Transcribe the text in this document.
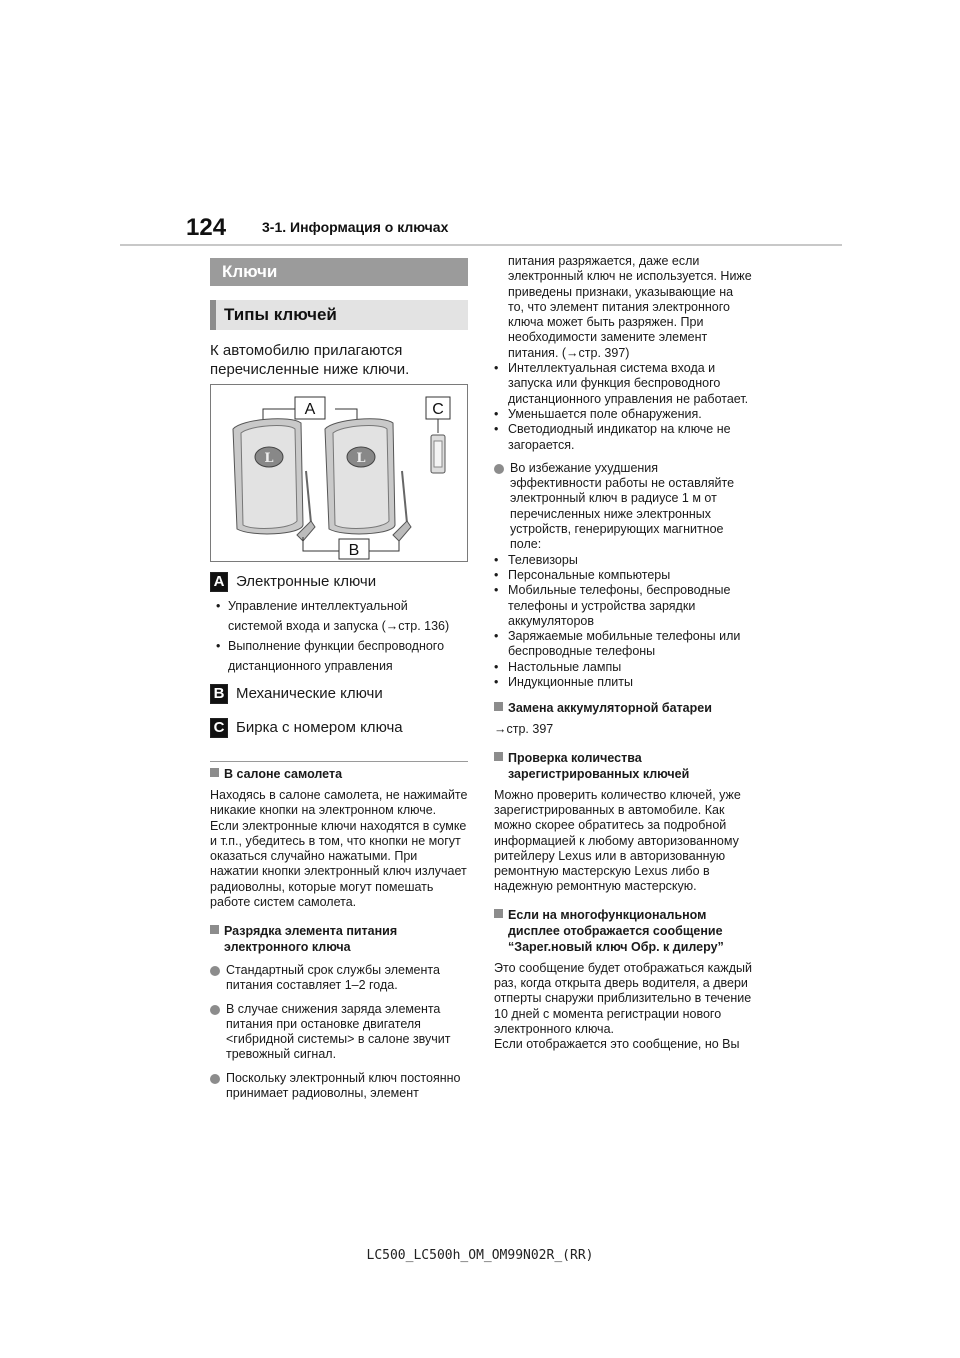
124	3-1. Информация о ключах
Ключи
Типы ключей
К автомобилю прилагаются перечисленные ниже ключи.
A	C
L	L
B
A Электронные ключи
• Управление интеллектуальной
системой входа и запуска (→стр. 136)
• Выполнение функции беспроводного
дистанционного управления
B Механические ключи
C Бирка с номером ключа
В салоне самолета
Находясь в салоне самолета, не нажимайте никакие кнопки на электронном ключе. Если электронные ключи находятся в сумке и т.п., убедитесь в том, что кнопки не могут оказаться случайно нажатыми. При нажатии кнопки электронный ключ излучает радиоволны, которые могут помешать работе систем самолета.
Разрядка элемента питания
электронного ключа
Стандартный срок службы элемента питания составляет 1–2 года.
В случае снижения заряда элемента питания при остановке двигателя <гибридной системы> в салоне звучит тревожный сигнал.
Поскольку электронный ключ постоянно принимает радиоволны, элемент
питания разряжается, даже если электронный ключ не используется. Ниже приведены признаки, указывающие на то, что элемент питания электронного ключа может быть разряжен. При необходимости замените элемент питания. (→стр. 397)
• Интеллектуальная система входа и запуска или функция беспроводного дистанционного управления не работает.
• Уменьшается поле обнаружения.
• Светодиодный индикатор на ключе не загорается.
Во избежание ухудшения эффективности работы не оставляйте электронный ключ в радиусе 1 м от перечисленных ниже электронных устройств, генерирующих магнитное поле:
• Телевизоры
• Персональные компьютеры
• Мобильные телефоны, беспроводные телефоны и устройства зарядки аккумуляторов
• Заряжаемые мобильные телефоны или беспроводные телефоны
• Настольные лампы
• Индукционные плиты
Замена аккумуляторной батареи
→стр. 397
Проверка количества
зарегистрированных ключей
Можно проверить количество ключей, уже зарегистрированных в автомобиле. Как можно скорее обратитесь за подробной информацией к любому авторизованному ритейлеру Lexus или в авторизованную ремонтную мастерскую Lexus либо в надежную ремонтную мастерскую.
Если на многофункциональном
дисплее отображается сообщение
“Зарег.новый ключ Обр. к дилеру”
Это сообщение будет отображаться каждый раз, когда открыта дверь водителя, а двери отперты снаружи приблизительно в течение 10 дней с момента регистрации нового электронного ключа.
Если отображается это сообщение, но Вы
LC500_LC500h_OM_OM99N02R_(RR)
